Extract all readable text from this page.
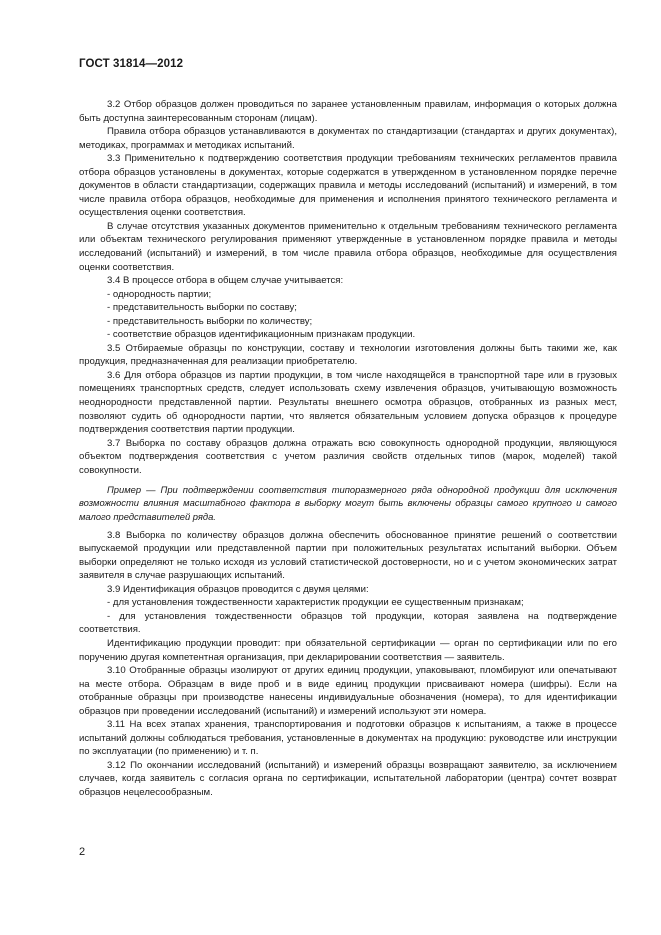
ГОСТ 31814—2012

3.2 Отбор образцов должен проводиться по заранее установленным правилам, информация о которых должна быть доступна заинтересованным сторонам (лицам).

Правила отбора образцов устанавливаются в документах по стандартизации (стандартах и других документах), методиках, программах и методиках испытаний.

3.3 Применительно к подтверждению соответствия продукции требованиям технических регламентов правила отбора образцов установлены в документах, которые содержатся в утвержденном в установленном порядке перечне документов в области стандартизации, содержащих правила и методы исследований (испытаний) и измерений, в том числе правила отбора образцов, необходимые для применения и исполнения принятого технического регламента и осуществления оценки соответствия.

В случае отсутствия указанных документов применительно к отдельным требованиям технического регламента или объектам технического регулирования применяют утвержденные в установленном порядке правила и методы исследований (испытаний) и измерений, в том числе правила отбора образцов, необходимые для осуществления оценки соответствия.

3.4 В процессе отбора в общем случае учитывается:

- однородность партии;

- представительность выборки по составу;

- представительность выборки по количеству;

- соответствие образцов идентификационным признакам продукции.

3.5 Отбираемые образцы по конструкции, составу и технологии изготовления должны быть такими же, как продукция, предназначенная для реализации приобретателю.

3.6 Для отбора образцов из партии продукции, в том числе находящейся в транспортной таре или в грузовых помещениях транспортных средств, следует использовать схему извлечения образцов, учитывающую возможность неоднородности представленной партии. Результаты внешнего осмотра образцов, отобранных из разных мест, позволяют судить об однородности партии, что является обязательным условием допуска образцов к процедуре подтверждения соответствия партии продукции.

3.7 Выборка по составу образцов должна отражать всю совокупность однородной продукции, являющуюся объектом подтверждения соответствия с учетом различия свойств отдельных типов (марок, моделей) такой совокупности.

Пример — При подтверждении соответствия типоразмерного ряда однородной продукции для исключения возможности влияния масштабного фактора в выборку могут быть включены образцы самого крупного и самого малого представителей ряда.

3.8 Выборка по количеству образцов должна обеспечить обоснованное принятие решений о соответствии выпускаемой продукции или представленной партии при положительных результатах испытаний выборки. Объем выборки определяют не только исходя из условий статистической достоверности, но и с учетом экономических затрат заявителя в случае разрушающих испытаний.

3.9 Идентификация образцов проводится с двумя целями:

- для установления тождественности характеристик продукции ее существенным признакам;

- для установления тождественности образцов той продукции, которая заявлена на подтверждение соответствия.

Идентификацию продукции проводит: при обязательной сертификации — орган по сертификации или по его поручению другая компетентная организация, при декларировании соответствия — заявитель.

3.10 Отобранные образцы изолируют от других единиц продукции, упаковывают, пломбируют или опечатывают на месте отбора. Образцам в виде проб и в виде единиц продукции присваивают номера (шифры). Если на отобранные образцы при производстве нанесены индивидуальные обозначения (номера), то для идентификации образцов при проведении исследований (испытаний) и измерений используют эти номера.

3.11 На всех этапах хранения, транспортирования и подготовки образцов к испытаниям, а также в процессе испытаний должны соблюдаться требования, установленные в документах на продукцию: руководстве или инструкции по эксплуатации (по применению) и т. п.

3.12 По окончании исследований (испытаний) и измерений образцы возвращают заявителю, за исключением случаев, когда заявитель с согласия органа по сертификации, испытательной лаборатории (центра) сочтет возврат образцов нецелесообразным.

2
